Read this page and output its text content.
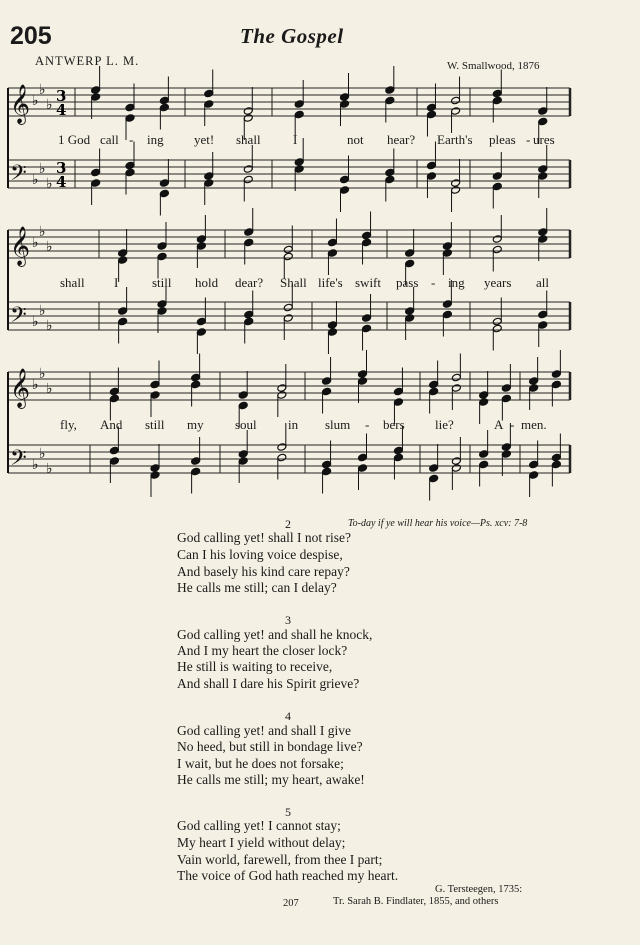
205	The Gospel
ANTWERP L. M.	W. Smallwood, 1876
𝄞 ♭
♭
♭ 3
4
𝄢 ♭
♭
♭
3
4
𝄞 ♭
♭
♭
𝄢 ♭
♭
♭
𝄞 ♭
♭
♭
𝄢 ♭
♭
♭
1 God call - ing yet! shall I	not hear? Earth's pleas - ures
shall I	still hold dear? Shall life's swift pass - ing years all
fly, And still my soul in slum - bers lie?	A - men.
To-day if ye will hear his voice—Ps. xcv: 7-8
2
God calling yet! shall I not rise?
Can I his loving voice despise,
And basely his kind care repay?
He calls me still; can I delay?
3
God calling yet! and shall he knock,
And I my heart the closer lock?
He still is waiting to receive,
And shall I dare his Spirit grieve?
4
God calling yet! and shall I give
No heed, but still in bondage live?
I wait, but he does not forsake;
He calls me still; my heart, awake!
5
God calling yet! I cannot stay;
My heart I yield without delay;
Vain world, farewell, from thee I part;
The voice of God hath reached my heart.
G. Tersteegen, 1735:
207	Tr. Sarah B. Findlater, 1855, and others
